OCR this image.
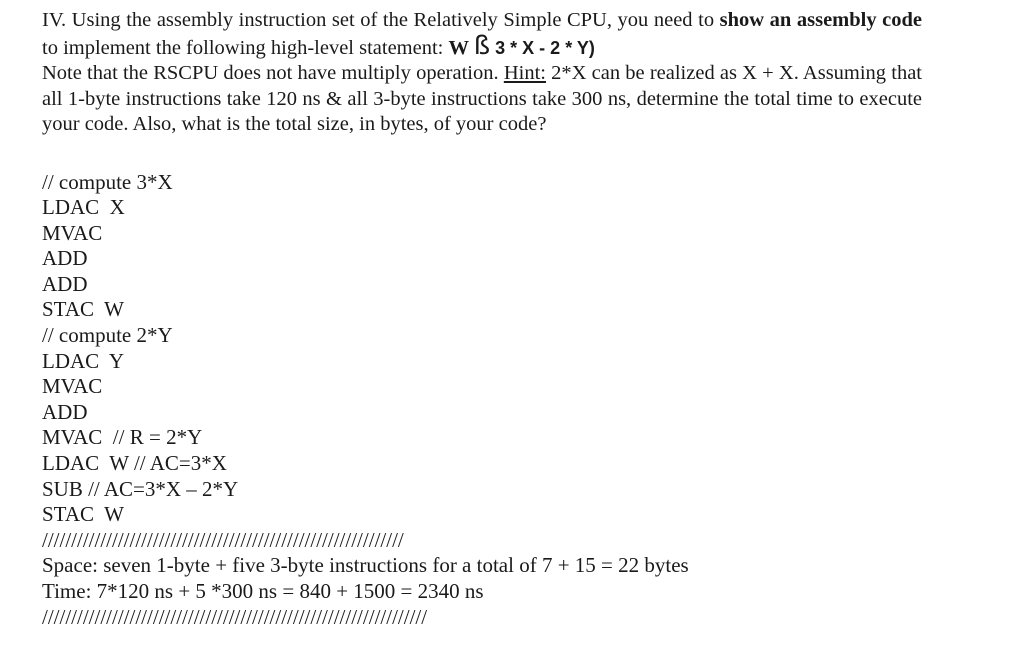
IV. Using the assembly instruction set of the Relatively Simple CPU, you need to show an assembly code to implement the following high-level statement: W ß 3 * X - 2 * Y)

Note that the RSCPU does not have multiply operation. Hint: 2*X can be realized as X + X. Assuming that all 1-byte instructions take 120 ns & all 3-byte instructions take 300 ns, determine the total time to execute your code. Also, what is the total size, in bytes, of your code?

// compute 3*X
LDAC  X
MVAC
ADD
ADD
STAC  W
// compute 2*Y
LDAC  Y
MVAC
ADD
MVAC  // R = 2*Y
LDAC  W // AC=3*X
SUB // AC=3*X – 2*Y
STAC  W
//////////////////////////////////////////////////////////////
Space: seven 1-byte + five 3-byte instructions for a total of 7 + 15 = 22 bytes
Time: 7*120 ns + 5 *300 ns = 840 + 1500 = 2340 ns
//////////////////////////////////////////////////////////////////
